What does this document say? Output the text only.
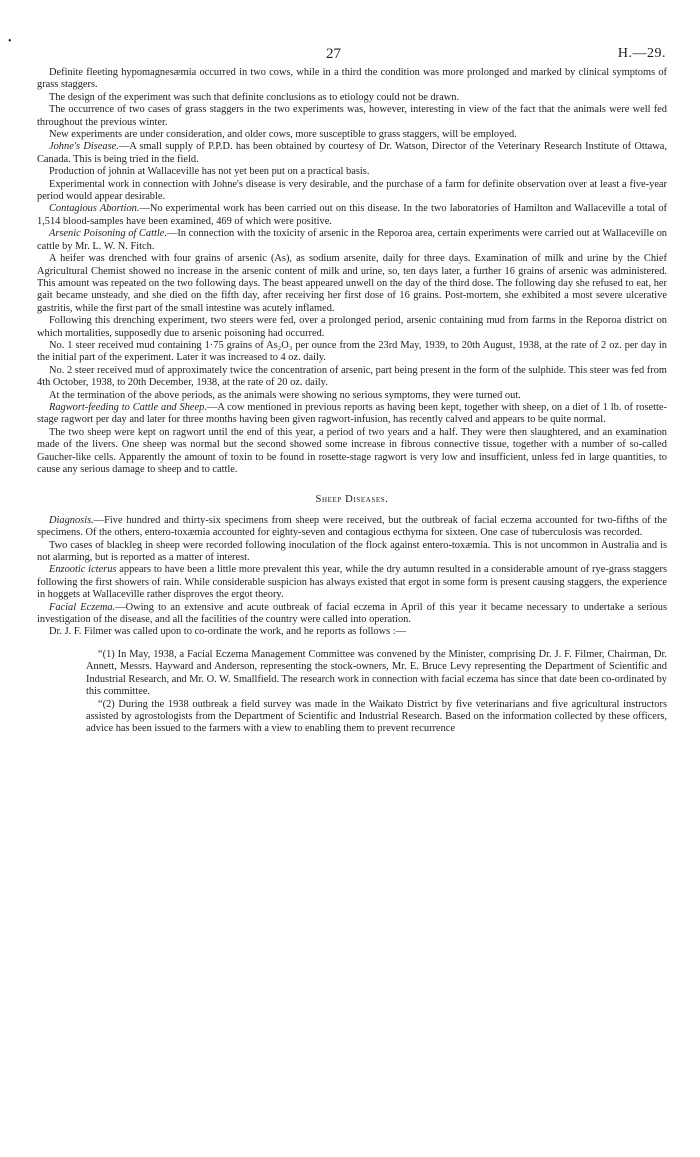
•
27	H.—29.

Definite fleeting hypomagnesæmia occurred in two cows, while in a third the condition was more prolonged and marked by clinical symptoms of grass staggers.

The design of the experiment was such that definite conclusions as to etiology could not be drawn.

The occurrence of two cases of grass staggers in the two experiments was, however, interesting in view of the fact that the animals were well fed throughout the previous winter.

New experiments are under consideration, and older cows, more susceptible to grass staggers, will be employed.

Johne's Disease.—A small supply of P.P.D. has been obtained by courtesy of Dr. Watson, Director of the Veterinary Research Institute of Ottawa, Canada. This is being tried in the field.

Production of johnin at Wallaceville has not yet been put on a practical basis.

Experimental work in connection with Johne's disease is very desirable, and the purchase of a farm for definite observation over at least a five-year period would appear desirable.

Contagious Abortion.—No experimental work has been carried out on this disease. In the two laboratories of Hamilton and Wallaceville a total of 1,514 blood-samples have been examined, 469 of which were positive.

Arsenic Poisoning of Cattle.—In connection with the toxicity of arsenic in the Reporoa area, certain experiments were carried out at Wallaceville on cattle by Mr. L. W. N. Fitch.

A heifer was drenched with four grains of arsenic (As), as sodium arsenite, daily for three days. Examination of milk and urine by the Chief Agricultural Chemist showed no increase in the arsenic content of milk and urine, so, ten days later, a further 16 grains of arsenic was administered. This amount was repeated on the two following days. The beast appeared unwell on the day of the third dose. The following day she refused to eat, her gait became unsteady, and she died on the fifth day, after receiving her first dose of 16 grains. Post-mortem, she exhibited a most severe ulcerative gastritis, while the first part of the small intestine was acutely inflamed.

Following this drenching experiment, two steers were fed, over a prolonged period, arsenic containing mud from farms in the Reporoa district on which mortalities, supposedly due to arsenic poisoning had occurred.

No. 1 steer received mud containing 1·75 grains of As₂O₃ per ounce from the 23rd May, 1939, to 20th August, 1938, at the rate of 2 oz. per day in the initial part of the experiment. Later it was increased to 4 oz. daily.

No. 2 steer received mud of approximately twice the concentration of arsenic, part being present in the form of the sulphide. This steer was fed from 4th October, 1938, to 20th December, 1938, at the rate of 20 oz. daily.

At the termination of the above periods, as the animals were showing no serious symptoms, they were turned out.

Ragwort-feeding to Cattle and Sheep.—A cow mentioned in previous reports as having been kept, together with sheep, on a diet of 1 lb. of rosette-stage ragwort per day and later for three months having been given ragwort-infusion, has recently calved and appears to be quite normal.

The two sheep were kept on ragwort until the end of this year, a period of two years and a half. They were then slaughtered, and an examination made of the livers. One sheep was normal but the second showed some increase in fibrous connective tissue, together with a number of so-called Gaucher-like cells. Apparently the amount of toxin to be found in rosette-stage ragwort is very low and insufficient, unless fed in large quantities, to cause any serious damage to sheep and to cattle.

Sheep Diseases.

Diagnosis.—Five hundred and thirty-six specimens from sheep were received, but the outbreak of facial eczema accounted for two-fifths of the specimens. Of the others, entero-toxæmia accounted for eighty-seven and contagious ecthyma for sixteen. One case of tuberculosis was recorded.

Two cases of blackleg in sheep were recorded following inoculation of the flock against entero-toxæmia. This is not uncommon in Australia and is not alarming, but is reported as a matter of interest.

Enzootic icterus appears to have been a little more prevalent this year, while the dry autumn resulted in a considerable amount of rye-grass staggers following the first showers of rain. While considerable suspicion has always existed that ergot in some form is present causing staggers, the experience in hoggets at Wallaceville rather disproves the ergot theory.

Facial Eczema.—Owing to an extensive and acute outbreak of facial eczema in April of this year it became necessary to undertake a serious investigation of the disease, and all the facilities of the country were called into operation.

Dr. J. F. Filmer was called upon to co-ordinate the work, and he reports as follows :—

“(1) In May, 1938, a Facial Eczema Management Committee was convened by the Minister, comprising Dr. J. F. Filmer, Chairman, Dr. Annett, Messrs. Hayward and Anderson, representing the stock-owners, Mr. E. Bruce Levy representing the Department of Scientific and Industrial Research, and Mr. O. W. Smallfield. The research work in connection with facial eczema has since that date been co-ordinated by this committee.

“(2) During the 1938 outbreak a field survey was made in the Waikato District by five veterinarians and five agricultural instructors assisted by agrostologists from the Department of Scientific and Industrial Research. Based on the information collected by these officers, advice has been issued to the farmers with a view to enabling them to prevent recurrence
